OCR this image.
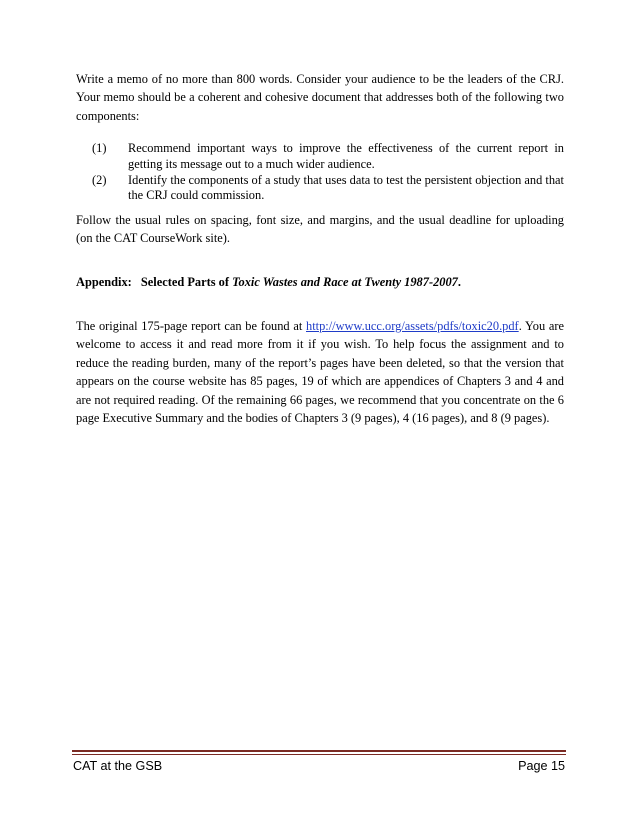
Write a memo of no more than 800 words. Consider your audience to be the leaders of the CRJ. Your memo should be a coherent and cohesive document that addresses both of the following two components:

(1)	Recommend important ways to improve the effectiveness of the current report in getting its message out to a much wider audience.
(2)	Identify the components of a study that uses data to test the persistent objection and that the CRJ could commission.

Follow the usual rules on spacing, font size, and margins, and the usual deadline for uploading (on the CAT CourseWork site).

Appendix: Selected Parts of Toxic Wastes and Race at Twenty 1987-2007.

The original 175-page report can be found at http://www.ucc.org/assets/pdfs/toxic20.pdf. You are welcome to access it and read more from it if you wish. To help focus the assignment and to reduce the reading burden, many of the report’s pages have been deleted, so that the version that appears on the course website has 85 pages, 19 of which are appendices of Chapters 3 and 4 and are not required reading. Of the remaining 66 pages, we recommend that you concentrate on the 6 page Executive Summary and the bodies of Chapters 3 (9 pages), 4 (16 pages), and 8 (9 pages).

CAT at the GSB	Page 15
